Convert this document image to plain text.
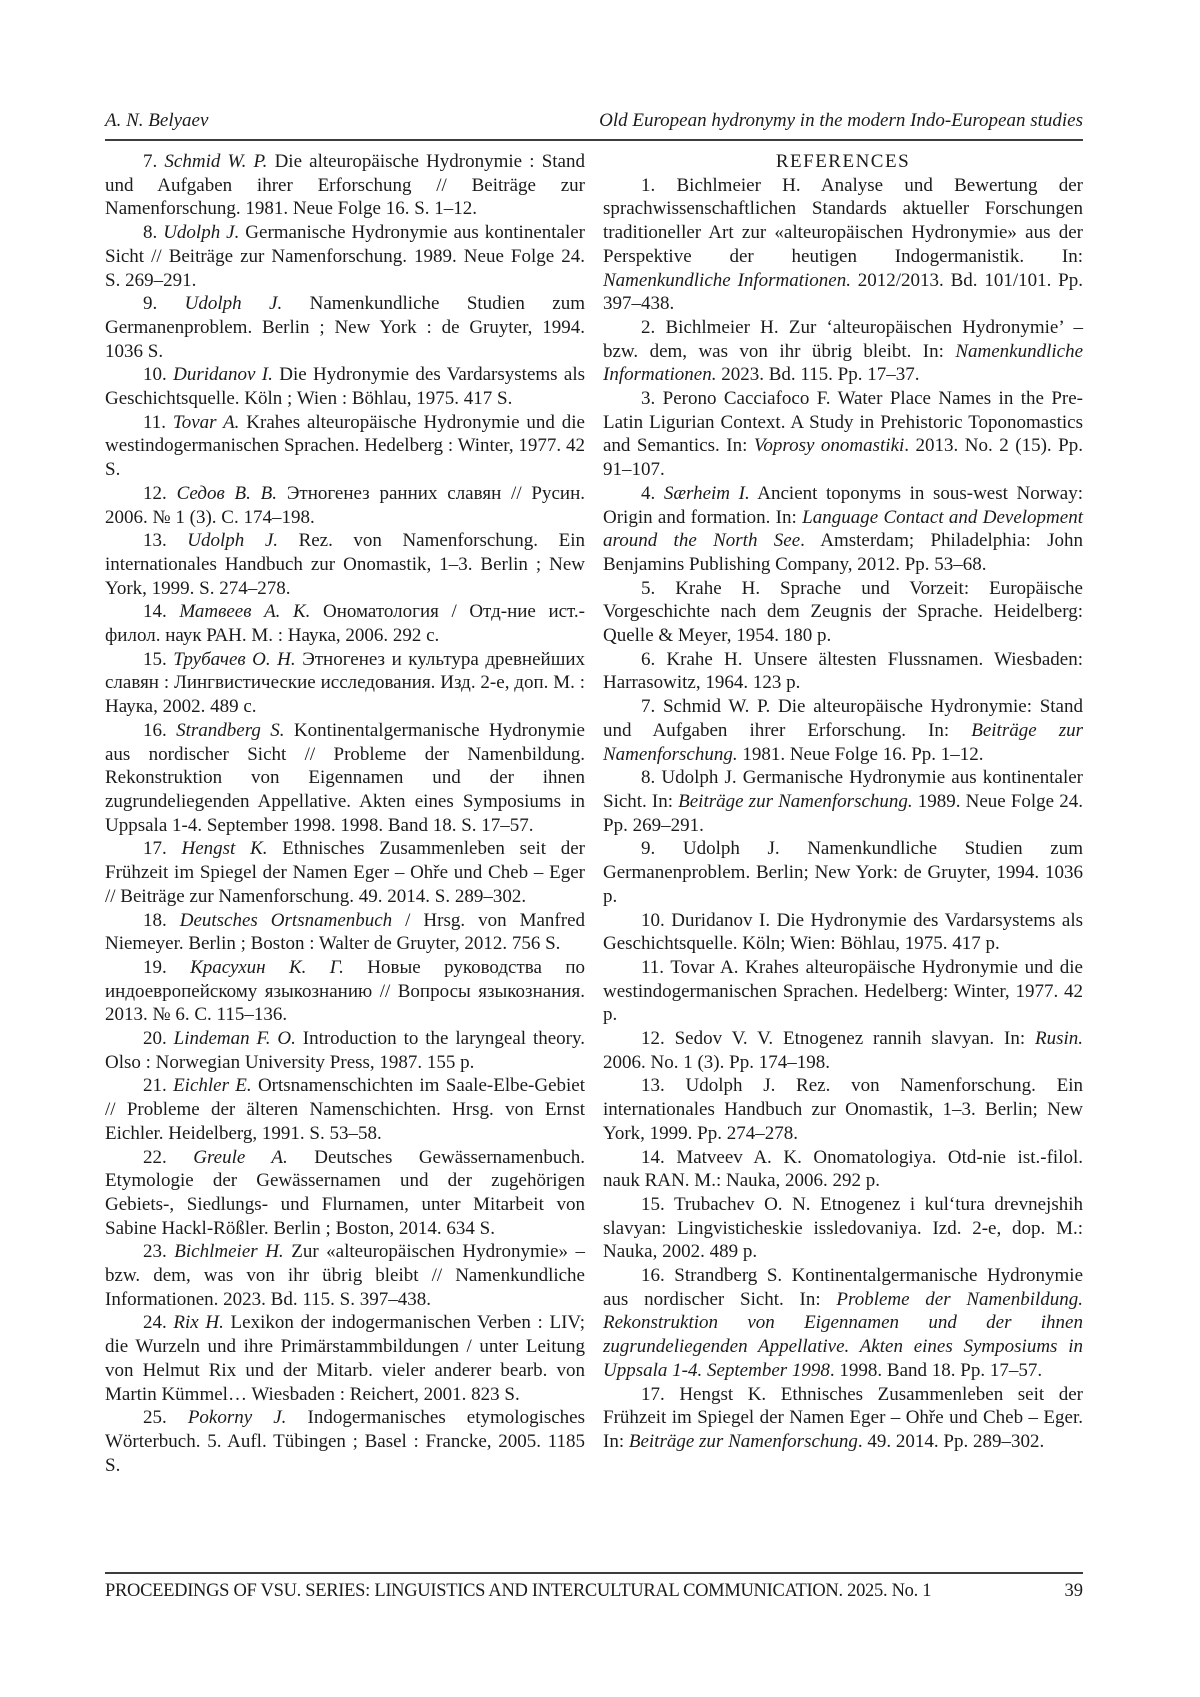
A. N. Belyaev	Old European hydronymy in the modern Indo-European studies

7. Schmid W. P. Die alteuropäische Hydronymie : Stand und Aufgaben ihrer Erforschung // Beiträge zur Namenforschung. 1981. Neue Folge 16. S. 1–12.

8. Udolph J. Germanische Hydronymie aus kontinentaler Sicht // Beiträge zur Namenforschung. 1989. Neue Folge 24. S. 269–291.

9. Udolph J. Namenkundliche Studien zum Germanenproblem. Berlin ; New York : de Gruyter, 1994. 1036 S.

10. Duridanov I. Die Hydronymie des Vardarsystems als Geschichtsquelle. Köln ; Wien : Böhlau, 1975. 417 S.

11. Tovar A. Krahes alteuropäische Hydronymie und die westindogermanischen Sprachen. Hedelberg : Winter, 1977. 42 S.

12. Седов В. В. Этногенез ранних славян // Русин. 2006. № 1 (3). С. 174–198.

13. Udolph J. Rez. von Namenforschung. Ein internationales Handbuch zur Onomastik, 1–3. Berlin ; New York, 1999. S. 274–278.

14. Матвеев А. К. Ономатология / Отд-ние ист.-филол. наук РАН. М. : Наука, 2006. 292 с.

15. Трубачев О. Н. Этногенез и культура древнейших славян : Лингвистические исследования. Изд. 2-е, доп. М. : Наука, 2002. 489 с.

16. Strandberg S. Kontinentalgermanische Hydronymie aus nordischer Sicht // Probleme der Namenbildung. Rekonstruktion von Eigennamen und der ihnen zugrundeliegenden Appellative. Akten eines Symposiums in Uppsala 1-4. September 1998. 1998. Band 18. S. 17–57.

17. Hengst K. Ethnisches Zusammenleben seit der Frühzeit im Spiegel der Namen Eger – Ohře und Cheb – Eger // Beiträge zur Namenforschung. 49. 2014. S. 289–302.

18. Deutsches Ortsnamenbuch / Hrsg. von Manfred Niemeyer. Berlin ; Boston : Walter de Gruyter, 2012. 756 S.

19. Красухин К. Г. Новые руководства по индоевропейскому языкознанию // Вопросы языкознания. 2013. № 6. С. 115–136.

20. Lindeman F. O. Introduction to the laryngeal theory. Olso : Norwegian University Press, 1987. 155 p.

21. Eichler E. Ortsnamenschichten im Saale-Elbe-Gebiet // Probleme der älteren Namenschichten. Hrsg. von Ernst Eichler. Heidelberg, 1991. S. 53–58.

22. Greule A. Deutsches Gewässernamenbuch. Etymologie der Gewässernamen und der zugehörigen Gebiets-, Siedlungs- und Flurnamen, unter Mitarbeit von Sabine Hackl-Rößler. Berlin ; Boston, 2014. 634 S.

23. Bichlmeier H. Zur «alteuropäischen Hydronymie» – bzw. dem, was von ihr übrig bleibt // Namenkundliche Informationen. 2023. Bd. 115. S. 397–438.

24. Rix H. Lexikon der indogermanischen Verben : LIV; die Wurzeln und ihre Primärstammbildungen / unter Leitung von Helmut Rix und der Mitarb. vieler anderer bearb. von Martin Kümmel… Wiesbaden : Reichert, 2001. 823 S.

25. Pokorny J. Indogermanisches etymologisches Wörterbuch. 5. Aufl. Tübingen ; Basel : Francke, 2005. 1185 S.

REFERENCES

1. Bichlmeier H. Analyse und Bewertung der sprachwissenschaftlichen Standards aktueller Forschungen traditioneller Art zur «alteuropäischen Hydronymie» aus der Perspektive der heutigen Indogermanistik. In: Namenkundliche Informationen. 2012/2013. Bd. 101/101. Pp. 397–438.

2. Bichlmeier H. Zur ‘alteuropäischen Hydronymie’ – bzw. dem, was von ihr übrig bleibt. In: Namenkundliche Informationen. 2023. Bd. 115. Pp. 17–37.

3. Perono Cacciafoco F. Water Place Names in the Pre-Latin Ligurian Context. A Study in Prehistoric Toponomastics and Semantics. In: Voprosy onomastiki. 2013. No. 2 (15). Pp. 91–107.

4. Særheim I. Ancient toponyms in sous-west Norway: Origin and formation. In: Language Contact and Development around the North See. Amsterdam; Philadelphia: John Benjamins Publishing Company, 2012. Pp. 53–68.

5. Krahe H. Sprache und Vorzeit: Europäische Vorgeschichte nach dem Zeugnis der Sprache. Heidelberg: Quelle & Meyer, 1954. 180 p.

6. Krahe H. Unsere ältesten Flussnamen. Wiesbaden: Harrasowitz, 1964. 123 p.

7. Schmid W. P. Die alteuropäische Hydronymie: Stand und Aufgaben ihrer Erforschung. In: Beiträge zur Namenforschung. 1981. Neue Folge 16. Pp. 1–12.

8. Udolph J. Germanische Hydronymie aus kontinentaler Sicht. In: Beiträge zur Namenforschung. 1989. Neue Folge 24. Pp. 269–291.

9. Udolph J. Namenkundliche Studien zum Germanenproblem. Berlin; New York: de Gruyter, 1994. 1036 p.

10. Duridanov I. Die Hydronymie des Vardarsystems als Geschichtsquelle. Köln; Wien: Böhlau, 1975. 417 p.

11. Tovar A. Krahes alteuropäische Hydronymie und die westindogermanischen Sprachen. Hedelberg: Winter, 1977. 42 p.

12. Sedov V. V. Etnogenez rannih slavyan. In: Rusin. 2006. No. 1 (3). Pp. 174–198.

13. Udolph J. Rez. von Namenforschung. Ein internationales Handbuch zur Onomastik, 1–3. Berlin; New York, 1999. Pp. 274–278.

14. Matveev A. K. Onomatologiya. Otd-nie ist.-filol. nauk RAN. M.: Nauka, 2006. 292 p.

15. Trubachev O. N. Etnogenez i kul‘tura drevnejshih slavyan: Lingvisticheskie issledovaniya. Izd. 2-e, dop. M.: Nauka, 2002. 489 p.

16. Strandberg S. Kontinentalgermanische Hydronymie aus nordischer Sicht. In: Probleme der Namenbildung. Rekonstruktion von Eigennamen und der ihnen zugrundeliegenden Appellative. Akten eines Symposiums in Uppsala 1-4. September 1998. 1998. Band 18. Pp. 17–57.

17. Hengst K. Ethnisches Zusammenleben seit der Frühzeit im Spiegel der Namen Eger – Ohře und Cheb – Eger. In: Beiträge zur Namenforschung. 49. 2014. Pp. 289–302.

PROCEEDINGS OF VSU. SERIES: LINGUISTICS AND INTERCULTURAL COMMUNICATION. 2025. No. 1	39
